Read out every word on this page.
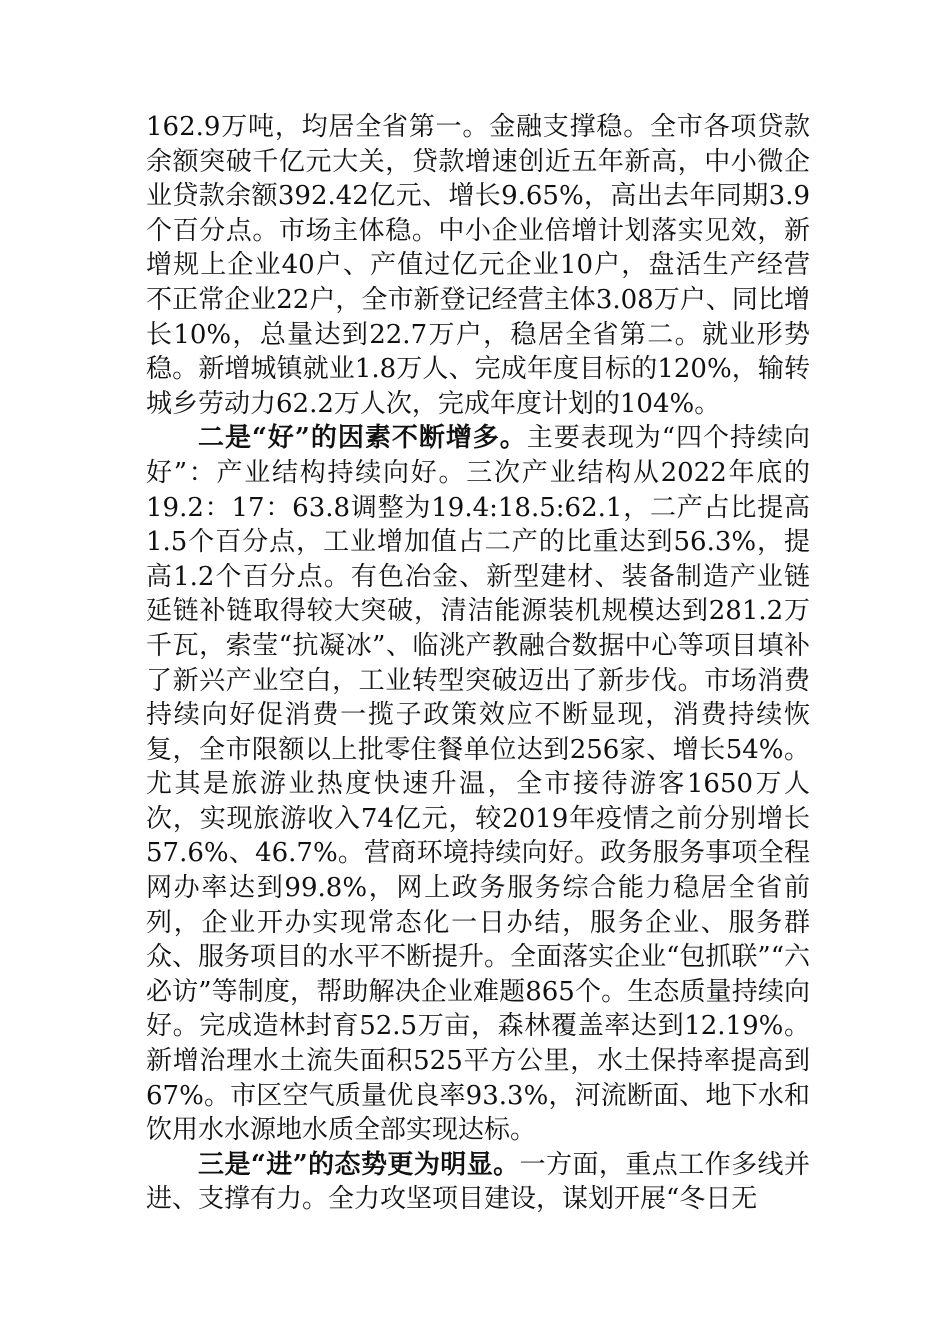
162.9万吨，均居全省第一。金融支撑稳。全市各项贷款余额突破千亿元大关，贷款增速创近五年新高，中小微企业贷款余额392.42亿元、增长9.65%，高出去年同期3.9个百分点。市场主体稳。中小企业倍增计划落实见效，新增规上企业40户、产值过亿元企业10户，盘活生产经营不正常企业22户，全市新登记经营主体3.08万户、同比增长10%，总量达到22.7万户，稳居全省第二。就业形势稳。新增城镇就业1.8万人、完成年度目标的120%，输转城乡劳动力62.2万人次，完成年度计划的104%。

二是“好”的因素不断增多。主要表现为“四个持续向好”：产业结构持续向好。三次产业结构从2022年底的19.2：17：63.8调整为19.4:18.5:62.1，二产占比提高1.5个百分点，工业增加值占二产的比重达到56.3%，提高1.2个百分点。有色冶金、新型建材、装备制造产业链延链补链取得较大突破，清洁能源装机规模达到281.2万千瓦，索莹“抗凝冰”、临洮产教融合数据中心等项目填补了新兴产业空白，工业转型突破迈出了新步伐。市场消费持续向好促消费一揽子政策效应不断显现，消费持续恢复，全市限额以上批零住餐单位达到256家、增长54%。尤其是旅游业热度快速升温，全市接待游客1650万人次，实现旅游收入74亿元，较2019年疫情之前分别增长57.6%、46.7%。营商环境持续向好。政务服务事项全程网办率达到99.8%，网上政务服务综合能力稳居全省前列，企业开办实现常态化一日办结，服务企业、服务群众、服务项目的水平不断提升。全面落实企业“包抓联”“六必访”等制度，帮助解决企业难题865个。生态质量持续向好。完成造林封育52.5万亩，森林覆盖率达到12.19%。新增治理水土流失面积525平方公里，水土保持率提高到67%。市区空气质量优良率93.3%，河流断面、地下水和饮用水水源地水质全部实现达标。

三是“进”的态势更为明显。一方面，重点工作多线并进、支撑有力。全力攻坚项目建设，谋划开展“冬日无
